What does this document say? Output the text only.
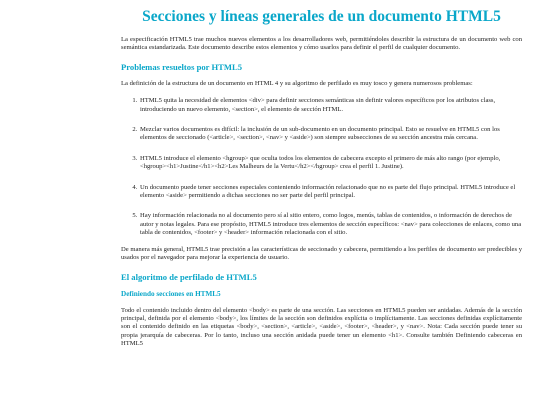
Secciones y líneas generales de un documento HTML5

La especificación HTML5 trae muchos nuevos elementos a los desarrolladores web, permitiéndoles describir la estructura de un documento web con semántica estandarizada. Este documento describe estos elementos y cómo usarlos para definir el perfil de cualquier documento.

Problemas resueltos por HTML5

La definición de la estructura de un documento en HTML 4 y su algoritmo de perfilado es muy tosco y genera numerosos problemas:

1. HTML5 quita la necesidad de elementos <div> para definir secciones semánticas sin definir valores específicos por los atributos class, introduciendo un nuevo elemento, <section>, el elemento de sección HTML.
2. Mezclar varios documentos es difícil: la inclusión de un sub-documento en un documento principal. Esto se resuelve en HTML5 con los elementos de seccionado (<article>, <section>, <nav> y <aside>) son siempre subsecciones de su sección ancestra más cercana.
3. HTML5 introduce el elemento <hgroup> que oculta todos los elementos de cabecera excepto el primero de más alto rango (por ejemplo, <hgroup><h1>Justine</h1><h2>Les Malheurs de la Vertu</h2></hgroup> crea el perfil 1. Justine).
4. Un documento puede tener secciones especiales conteniendo información relacionado que no es parte del flujo principal. HTML5 introduce el elemento <aside> permitiendo a dichas secciones no ser parte del perfil principal.
5. Hay información relacionada no al documento pero sí al sitio entero, como logos, menús, tablas de contenidos, o información de derechos de autor y notas legales. Para ese propósito, HTML5 introduce tres elementos de sección específicos: <nav> para colecciones de enlaces, como una tabla de contenidos, <footer> y <header> información relacionada con el sitio.

De manera más general, HTML5 trae precisión a las características de seccionado y cabecera, permitiendo a los perfiles de documento ser predecibles y usados por el navegador para mejorar la experiencia de usuario.

El algoritmo de perfilado de HTML5
Definiendo secciones en HTML5

Todo el contenido incluido dentro del elemento <body> es parte de una sección. Las secciones en HTML5 pueden ser anidadas. Además de la sección principal, definida por el elemento <body>, los límites de la sección son definidos explícita o implícitamente. Las secciones definidas explícitamente son el contenido definido en las etiquetas <body>, <section>, <article>, <aside>, <footer>, <header>, y <nav>. Nota: Cada sección puede tener su propia jerarquía de cabeceras. Por lo tanto, incluso una sección anidada puede tener un elemento <h1>. Consulte también Definiendo cabeceras en HTML5
